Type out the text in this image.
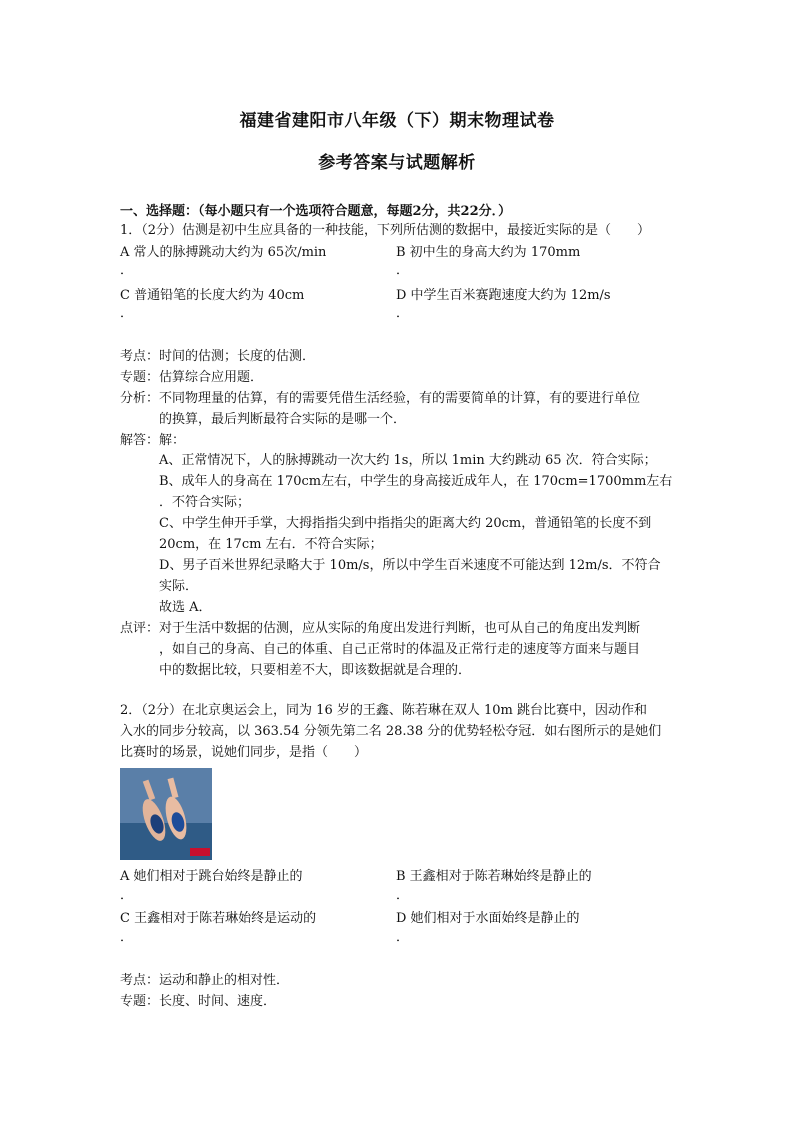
福建省建阳市八年级（下）期末物理试卷
参考答案与试题解析
一、选择题：（每小题只有一个选项符合题意，每题2分，共22分．）
1．（2分）估测是初中生应具备的一种技能，下列所估测的数据中，最接近实际的是（　　）
A 常人的脉搏跳动大约为 65次/min	B 初中生的身高大约为 170mm
．	．
C 普通铅笔的长度大约为 40cm	D 中学生百米赛跑速度大约为 12m/s
．	．
考点： 时间的估测；长度的估测．
专题： 估算综合应用题．
分析： 不同物理量的估算，有的需要凭借生活经验，有的需要简单的计算，有的要进行单位
的换算，最后判断最符合实际的是哪一个．
解答： 解：
A、正常情况下，人的脉搏跳动一次大约 1s，所以 1min 大约跳动 65 次．符合实际；
B、成年人的身高在 170cm左右，中学生的身高接近成年人，在 170cm=1700mm左右
．不符合实际；
C、中学生伸开手掌，大拇指指尖到中指指尖的距离大约 20cm，普通铅笔的长度不到
20cm，在 17cm 左右．不符合实际；
D、男子百米世界纪录略大于 10m/s，所以中学生百米速度不可能达到 12m/s．不符合
实际．
故选 A．
点评： 对于生活中数据的估测，应从实际的角度出发进行判断，也可从自己的角度出发判断
，如自己的身高、自己的体重、自己正常时的体温及正常行走的速度等方面来与题目
中的数据比较，只要相差不大，即该数据就是合理的．
2．（2分）在北京奥运会上，同为 16 岁的王鑫、陈若琳在双人 10m 跳台比赛中，因动作和
入水的同步分较高，以 363.54 分领先第二名 28.38 分的优势轻松夺冠．如右图所示的是她们
比赛时的场景，说她们同步，是指（　　）
A 她们相对于跳台始终是静止的	B 王鑫相对于陈若琳始终是静止的
．	．
C 王鑫相对于陈若琳始终是运动的	D 她们相对于水面始终是静止的
．	．
考点： 运动和静止的相对性．
专题： 长度、时间、速度．
